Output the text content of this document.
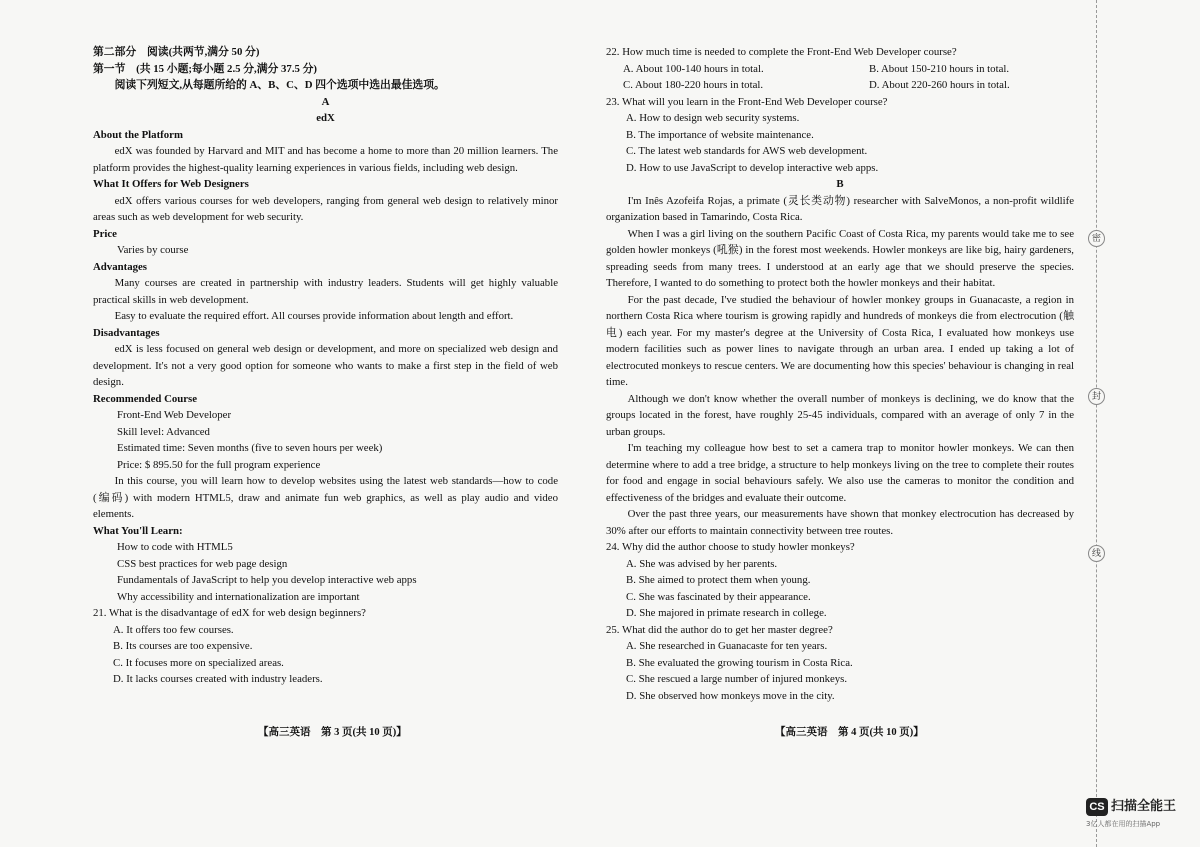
第二部分　阅读(共两节,满分 50 分)
第一节　(共 15 小题;每小题 2.5 分,满分 37.5 分)
阅读下列短文,从每题所给的 A、B、C、D 四个选项中选出最佳选项。
A
edX
About the Platform

edX was founded by Harvard and MIT and has become a home to more than 20 million learners. The platform provides the highest-quality learning experiences in various fields, including web design.

What It Offers for Web Designers

edX offers various courses for web developers, ranging from general web design to relatively minor areas such as web development for web security.

Price
Varies by course
Advantages

Many courses are created in partnership with industry leaders. Students will get highly valuable practical skills in web development.

Easy to evaluate the required effort. All courses provide information about length and effort.

Disadvantages

edX is less focused on general web design or development, and more on specialized web design and development. It's not a very good option for someone who wants to make a first step in the field of web design.

Recommended Course
Front-End Web Developer
Skill level: Advanced
Estimated time: Seven months (five to seven hours per week)
Price: $ 895.50 for the full program experience

In this course, you will learn how to develop websites using the latest web standards—how to code (编码) with modern HTML5, draw and animate fun web graphics, as well as play audio and video elements.

What You'll Learn:
How to code with HTML5
CSS best practices for web page design
Fundamentals of JavaScript to help you develop interactive web apps
Why accessibility and internationalization are important
21. What is the disadvantage of edX for web design beginners?
A. It offers too few courses.
B. Its courses are too expensive.
C. It focuses more on specialized areas.
D. It lacks courses created with industry leaders.
22. How much time is needed to complete the Front-End Web Developer course?
A. About 100-140 hours in total.	B. About 150-210 hours in total.
C. About 180-220 hours in total.	D. About 220-260 hours in total.
23. What will you learn in the Front-End Web Developer course?
A. How to design web security systems.
B. The importance of website maintenance.
C. The latest web standards for AWS web development.
D. How to use JavaScript to develop interactive web apps.
B

I'm Inês Azofeifa Rojas, a primate (灵长类动物) researcher with SalveMonos, a non-profit wildlife organization based in Tamarindo, Costa Rica.

When I was a girl living on the southern Pacific Coast of Costa Rica, my parents would take me to see golden howler monkeys (吼猴) in the forest most weekends. Howler monkeys are like big, hairy gardeners, spreading seeds from many trees. I understood at an early age that we should preserve the species. Therefore, I wanted to do something to protect both the howler monkeys and their habitat.

For the past decade, I've studied the behaviour of howler monkey groups in Guanacaste, a region in northern Costa Rica where tourism is growing rapidly and hundreds of monkeys die from electrocution (触电) each year. For my master's degree at the University of Costa Rica, I evaluated how monkeys use modern facilities such as power lines to navigate through an urban area. I ended up taking a lot of electrocuted monkeys to rescue centers. We are documenting how this species' behaviour is changing in real time.

Although we don't know whether the overall number of monkeys is declining, we do know that the groups located in the forest, have roughly 25-45 individuals, compared with an average of only 7 in the urban groups.

I'm teaching my colleague how best to set a camera trap to monitor howler monkeys. We can then determine where to add a tree bridge, a structure to help monkeys living on the tree to complete their routes for food and engage in social behaviours safely. We also use the cameras to monitor the condition and effectiveness of the bridges and evaluate their outcome.

Over the past three years, our measurements have shown that monkey electrocution has decreased by 30% after our efforts to maintain connectivity between tree routes.

24. Why did the author choose to study howler monkeys?
A. She was advised by her parents.
B. She aimed to protect them when young.
C. She was fascinated by their appearance.
D. She majored in primate research in college.
25. What did the author do to get her master degree?
A. She researched in Guanacaste for ten years.
B. She evaluated the growing tourism in Costa Rica.
C. She rescued a large number of injured monkeys.
D. She observed how monkeys move in the city.
【高三英语　第 3 页(共 10 页)】	【高三英语　第 4 页(共 10 页)】
密
封
线
CS 扫描全能王
3亿人都在用的扫描App
